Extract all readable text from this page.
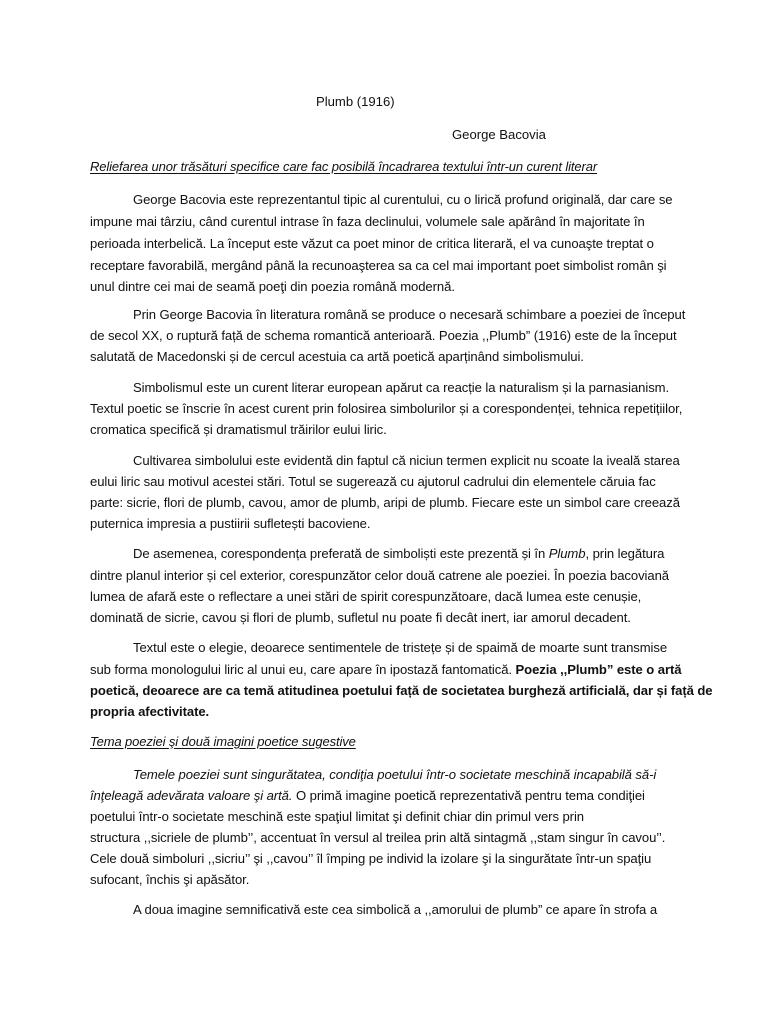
Plumb (1916)
George Bacovia
Reliefarea unor trăsături specifice care fac posibilă încadrarea textului într-un curent literar
George Bacovia este reprezentantul tipic al curentului, cu o lirică profund originală, dar care se
impune mai târziu, când curentul intrase în faza declinului, volumele sale apărând în majoritate în
perioada interbelică. La început este văzut ca poet minor de critica literară, el va cunoaşte treptat o
receptare favorabilă, mergând până la recunoaşterea sa ca cel mai important poet simbolist român şi
unul dintre cei mai de seamă poeţi din poezia română modernă.
Prin George Bacovia în literatura română se produce o necesară schimbare a poeziei de început
de secol XX, o ruptură față de schema romantică anterioară. Poezia ,,Plumb” (1916) este de la început
salutată de Macedonski și de cercul acestuia ca artă poetică aparținând simbolismului.
Simbolismul este un curent literar european apărut ca reacție la naturalism și la parnasianism.
Textul poetic se înscrie în acest curent prin folosirea simbolurilor și a corespondenței, tehnica repetițiilor,
cromatica specifică și dramatismul trăirilor eului liric.
Cultivarea simbolului este evidentă din faptul că niciun termen explicit nu scoate la iveală starea
eului liric sau motivul acestei stări. Totul se sugerează cu ajutorul cadrului din elementele căruia fac
parte: sicrie, flori de plumb, cavou, amor de plumb, aripi de plumb. Fiecare este un simbol care creează
puternica impresia a pustiirii sufletești bacoviene.
De asemenea, corespondența preferată de simboliști este prezentă și în Plumb, prin legătura
dintre planul interior și cel exterior, corespunzător celor două catrene ale poeziei. În poezia bacoviană
lumea de afară este o reflectare a unei stări de spirit corespunzătoare, dacă lumea este cenușie,
dominată de sicrie, cavou și flori de plumb, sufletul nu poate fi decât inert, iar amorul decadent.
Textul este o elegie, deoarece sentimentele de tristețe și de spaimă de moarte sunt transmise
sub forma monologului liric al unui eu, care apare în ipostază fantomatică. Poezia ,,Plumb” este o artă
poetică, deoarece are ca temă atitudinea poetului față de societatea burgheză artificială, dar și față de
propria afectivitate.
Tema poeziei şi două imagini poetice sugestive
Temele poeziei sunt singurătatea, condiţia poetului într-o societate meschină incapabilă să-i
înţeleagă adevărata valoare şi artă. O primă imagine poetică reprezentativă pentru tema condiţiei
poetului într-o societate meschină este spaţiul limitat şi definit chiar din primul vers prin
structura ,,sicriele de plumb’’, accentuat în versul al treilea prin altă sintagmă ,,stam singur în cavou’’.
Cele două simboluri ,,sicriu’’ şi ,,cavou’’ îl împing pe individ la izolare şi la singurătate într-un spaţiu
sufocant, închis şi apăsător.
A doua imagine semnificativă este cea simbolică a ,,amorului de plumb” ce apare în strofa a
